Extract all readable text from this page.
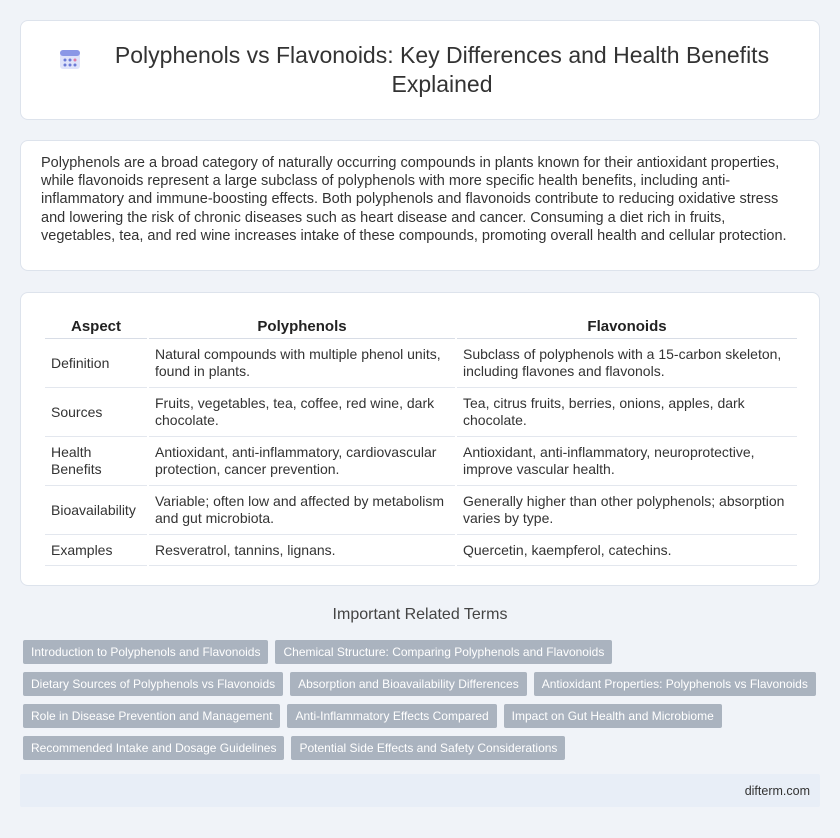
Polyphenols vs Flavonoids: Key Differences and Health Benefits Explained

Polyphenols are a broad category of naturally occurring compounds in plants known for their antioxidant properties, while flavonoids represent a large subclass of polyphenols with more specific health benefits, including anti-inflammatory and immune-boosting effects. Both polyphenols and flavonoids contribute to reducing oxidative stress and lowering the risk of chronic diseases such as heart disease and cancer. Consuming a diet rich in fruits, vegetables, tea, and red wine increases intake of these compounds, promoting overall health and cellular protection.

Aspect	Polyphenols	Flavonoids
Definition	Natural compounds with multiple phenol units, found in plants.	Subclass of polyphenols with a 15-carbon skeleton, including flavones and flavonols.
Sources	Fruits, vegetables, tea, coffee, red wine, dark chocolate.	Tea, citrus fruits, berries, onions, apples, dark chocolate.
Health Benefits	Antioxidant, anti-inflammatory, cardiovascular protection, cancer prevention.	Antioxidant, anti-inflammatory, neuroprotective, improve vascular health.
Bioavailability	Variable; often low and affected by metabolism and gut microbiota.	Generally higher than other polyphenols; absorption varies by type.
Examples	Resveratrol, tannins, lignans.	Quercetin, kaempferol, catechins.
Important Related Terms
Introduction to Polyphenols and Flavonoids	Chemical Structure: Comparing Polyphenols and Flavonoids
Dietary Sources of Polyphenols vs Flavonoids	Absorption and Bioavailability Differences	Antioxidant Properties: Polyphenols vs Flavonoids
Role in Disease Prevention and Management	Anti-Inflammatory Effects Compared	Impact on Gut Health and Microbiome
Recommended Intake and Dosage Guidelines	Potential Side Effects and Safety Considerations
difterm.com
